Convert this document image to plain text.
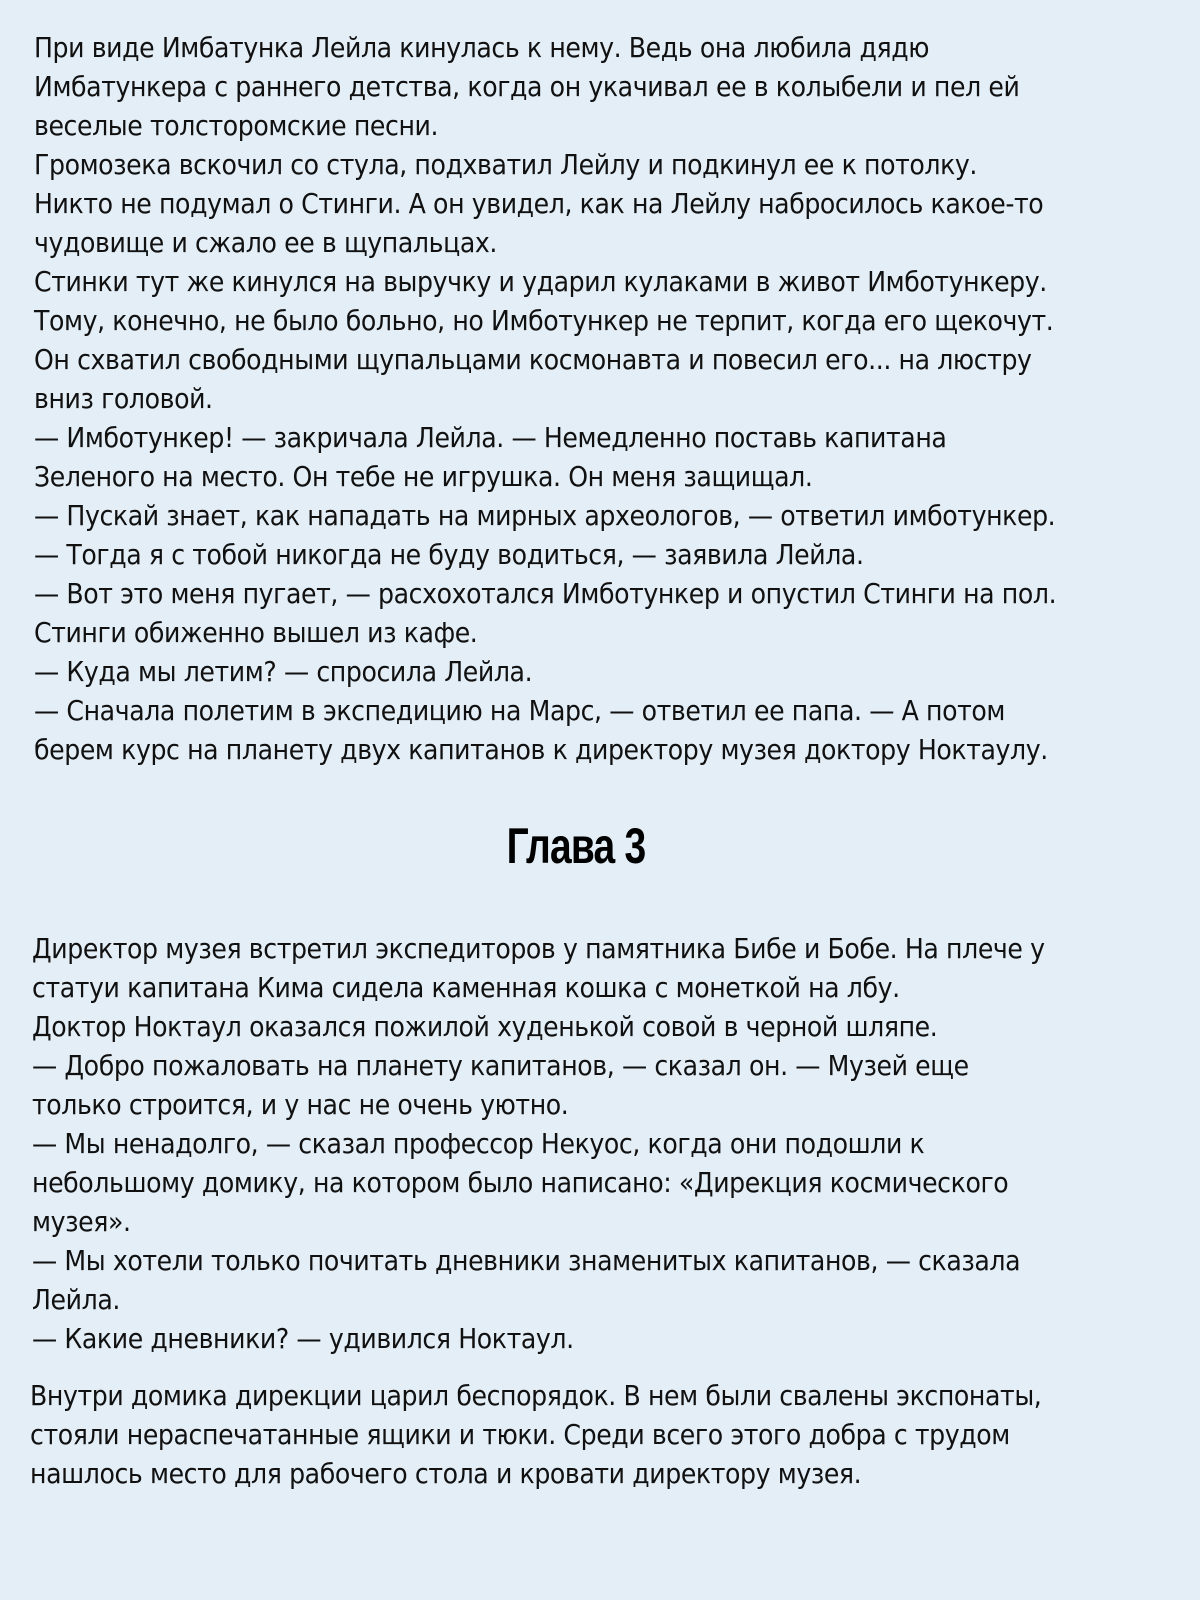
При виде Имбатунка Лейла кинулась к нему. Ведь она любила дядю
Имбатункера с раннего детства, когда он укачивал ее в колыбели и пел ей
веселые толстоpомские песни.
Громозека вскочил со стула, подхватил Лейлу и подкинул ее к потолку.
Никто не подумал о Стинги. А он увидел, как на Лейлу набросилось какое-то
чудовище и сжало ее в щупальцах.
Стинки тут же кинулся на выручку и ударил кулаками в живот Имботункеру.
Тому, конечно, не было больно, но Имботункер не терпит, когда его щекочут.
Он схватил свободными щупальцами космонавта и повесил его... на люстру
вниз головой.
— Имботункер! — закричала Лейла. — Немедленно поставь капитана
Зеленого на место. Он тебе не игрушка. Он меня защищал.
— Пускай знает, как нападать на мирных археологов, — ответил имботункер.
— Тогда я с тобой никогда не буду водиться, — заявила Лейла.
— Вот это меня пугает, — расхохотался Имботункер и опустил Стинги на пол.
Стинги обиженно вышел из кафе.
— Куда мы летим? — спросила Лейла.
— Сначала полетим в экспедицию на Марс, — ответил ее папа. — А потом
берем курс на планету двух капитанов к директору музея доктору Ноктаулу.
Глава 3
Директор музея встретил экспедиторов у памятника Бибе и Бобе. На плече у
статуи капитана Кима сидела каменная кошка с монеткой на лбу.
Доктор Ноктаул оказался пожилой худенькой совой в черной шляпе.
— Добро пожаловать на планету капитанов, — сказал он. — Музей еще
только строится, и у нас не очень уютно.
— Мы ненадолго, — сказал профессор Некуос, когда они подошли к
небольшому домику, на котором было написано: «Дирекция космического
музея».
— Мы хотели только почитать дневники знаменитых капитанов, — сказала
Лейла.
— Какие дневники? — удивился Ноктаул.
Внутри домика дирекции царил беспорядок. В нем были свалены экспонаты,
стояли нераспечатанные ящики и тюки. Среди всего этого добра с трудом
нашлось место для рабочего стола и кровати директору музея.
